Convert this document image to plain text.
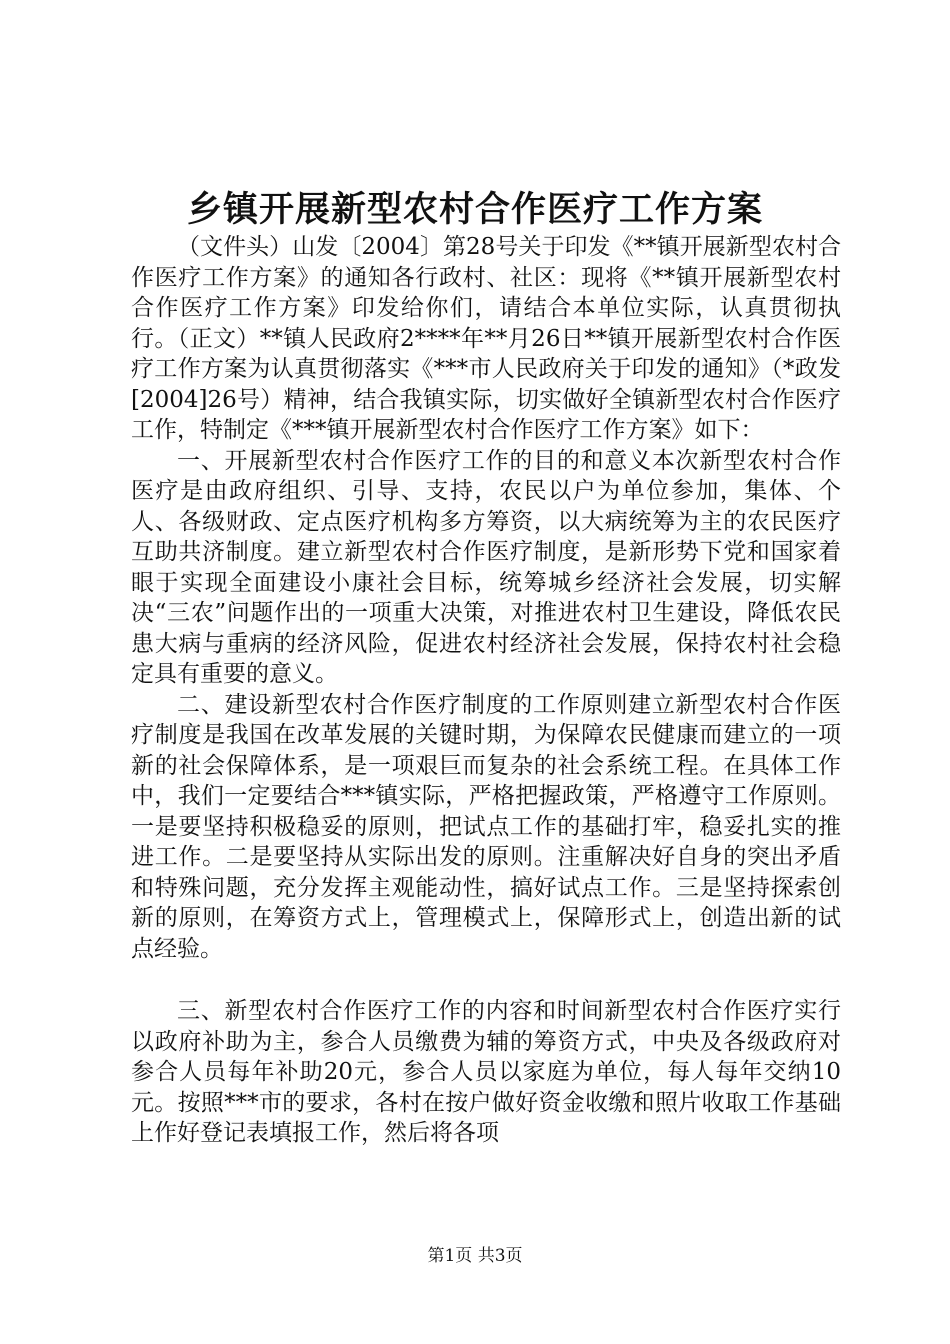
乡镇开展新型农村合作医疗工作方案

（文件头）山发〔2004〕第28号关于印发《**镇开展新型农村合作医疗工作方案》的通知各行政村、社区：现将《**镇开展新型农村合作医疗工作方案》印发给你们，请结合本单位实际，认真贯彻执行。（正文）**镇人民政府2****年**月26日**镇开展新型农村合作医疗工作方案为认真贯彻落实《***市人民政府关于印发的通知》（*政发[2004]26号）精神，结合我镇实际，切实做好全镇新型农村合作医疗工作，特制定《***镇开展新型农村合作医疗工作方案》如下：

一、开展新型农村合作医疗工作的目的和意义本次新型农村合作医疗是由政府组织、引导、支持，农民以户为单位参加，集体、个人、各级财政、定点医疗机构多方筹资，以大病统筹为主的农民医疗互助共济制度。建立新型农村合作医疗制度，是新形势下党和国家着眼于实现全面建设小康社会目标，统筹城乡经济社会发展，切实解决“三农”问题作出的一项重大决策，对推进农村卫生建设，降低农民患大病与重病的经济风险，促进农村经济社会发展，保持农村社会稳定具有重要的意义。

二、建设新型农村合作医疗制度的工作原则建立新型农村合作医疗制度是我国在改革发展的关键时期，为保障农民健康而建立的一项新的社会保障体系，是一项艰巨而复杂的社会系统工程。在具体工作中，我们一定要结合***镇实际，严格把握政策，严格遵守工作原则。一是要坚持积极稳妥的原则，把试点工作的基础打牢，稳妥扎实的推进工作。二是要坚持从实际出发的原则。注重解决好自身的突出矛盾和特殊问题，充分发挥主观能动性，搞好试点工作。三是坚持探索创新的原则，在筹资方式上，管理模式上，保障形式上，创造出新的试点经验。

三、新型农村合作医疗工作的内容和时间新型农村合作医疗实行以政府补助为主，参合人员缴费为辅的筹资方式，中央及各级政府对参合人员每年补助20元，参合人员以家庭为单位，每人每年交纳10元。按照***市的要求，各村在按户做好资金收缴和照片收取工作基础上作好登记表填报工作，然后将各项

第1页 共3页
